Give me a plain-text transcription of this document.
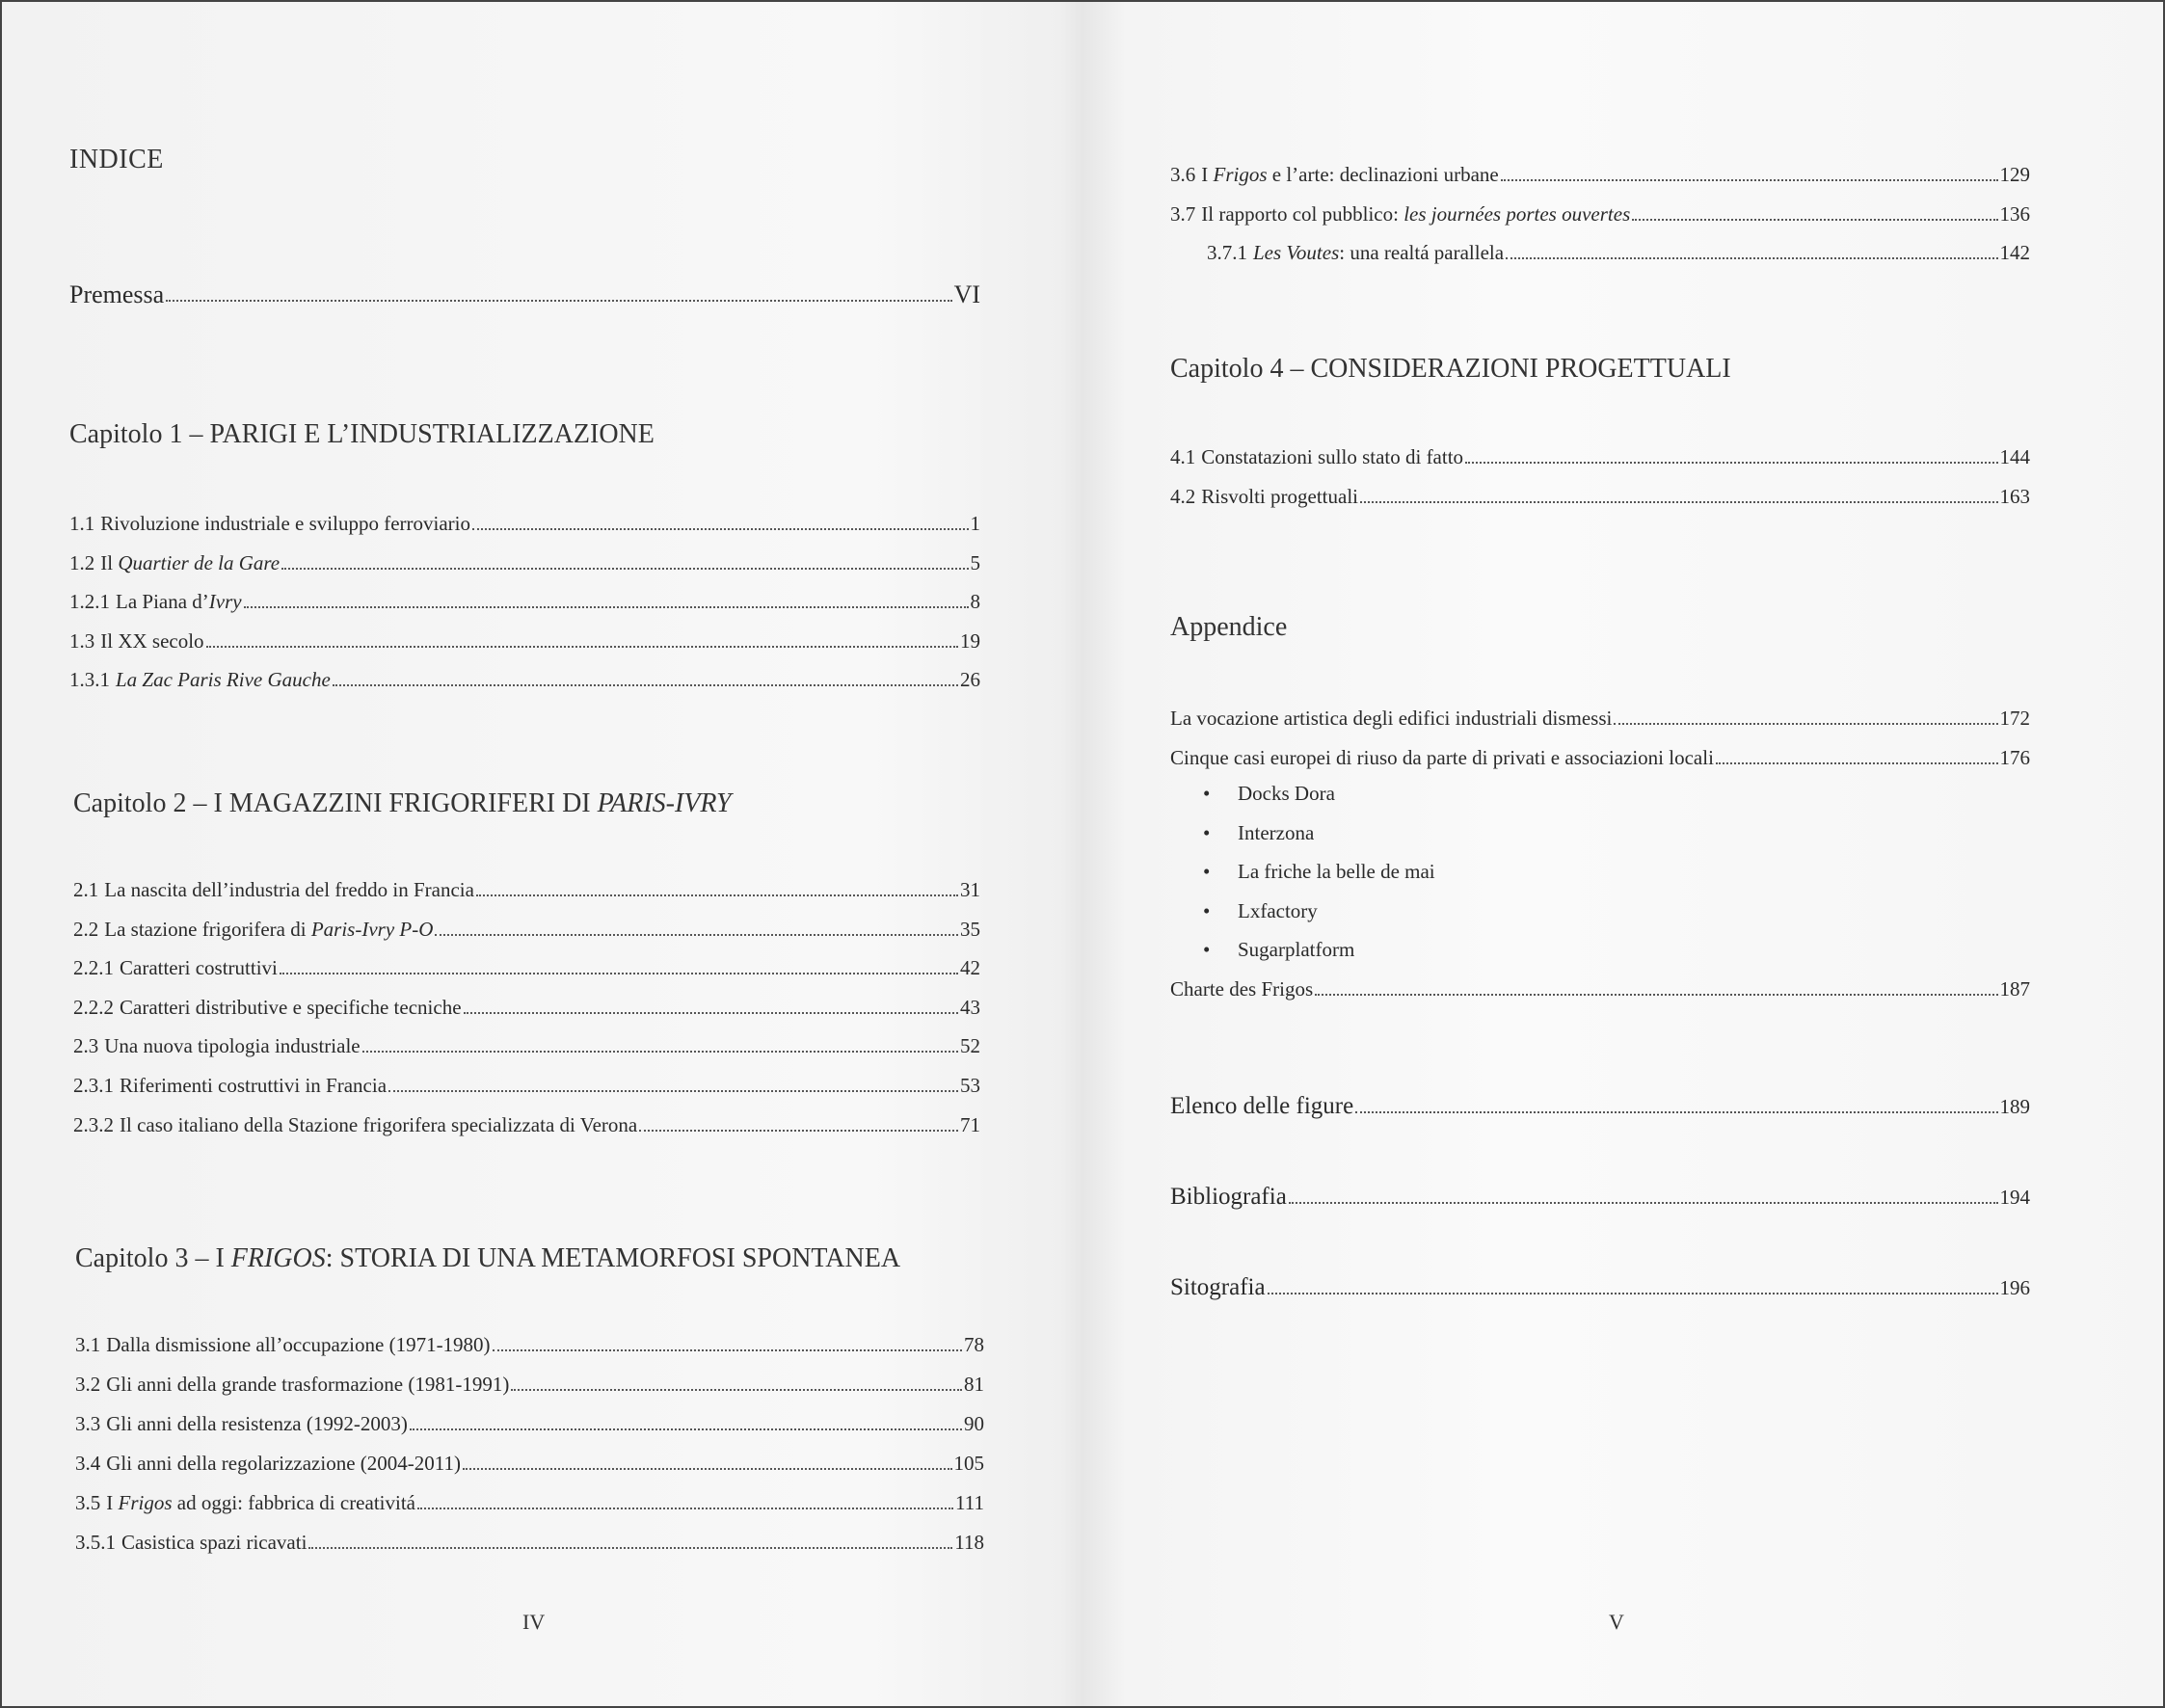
INDICE
Premessa	VI
Capitolo 1 – PARIGI E L’INDUSTRIALIZZAZIONE
1.1 Rivoluzione industriale e sviluppo ferroviario	1
1.2 Il Quartier de la Gare	5
1.2.1 La Piana d’Ivry	8
1.3 Il XX secolo	19
1.3.1 La Zac Paris Rive Gauche	26
Capitolo 2 – I MAGAZZINI FRIGORIFERI DI PARIS-IVRY
2.1 La nascita dell’industria del freddo in Francia	31
2.2 La stazione frigorifera di Paris-Ivry P-O	35
2.2.1 Caratteri costruttivi	42
2.2.2 Caratteri distributive e specifiche tecniche	43
2.3 Una nuova tipologia industriale	52
2.3.1 Riferimenti costruttivi in Francia	53
2.3.2 Il caso italiano della Stazione frigorifera specializzata di Verona	71
Capitolo 3 – I FRIGOS: STORIA DI UNA METAMORFOSI SPONTANEA
3.1 Dalla dismissione all’occupazione (1971-1980)	78
3.2 Gli anni della grande trasformazione (1981-1991)	81
3.3 Gli anni della resistenza (1992-2003)	90
3.4 Gli anni della regolarizzazione (2004-2011)	105
3.5 I Frigos ad oggi: fabbrica di creativitá	111
3.5.1 Casistica spazi ricavati	118
IV
3.6 I Frigos e l’arte: declinazioni urbane	129
3.7 Il rapporto col pubblico: les journées portes ouvertes	136
3.7.1 Les Voutes: una realtá parallela	142
Capitolo 4 – CONSIDERAZIONI PROGETTUALI
4.1 Constatazioni sullo stato di fatto	144
4.2 Risvolti progettuali	163
Appendice
La vocazione artistica degli edifici industriali dismessi	172
Cinque casi europei di riuso da parte di privati e associazioni locali	176
• Docks Dora
• Interzona
• La friche la belle de mai
• Lxfactory
• Sugarplatform
Charte des Frigos	187
Elenco delle figure	189
Bibliografia	194
Sitografia	196
V
